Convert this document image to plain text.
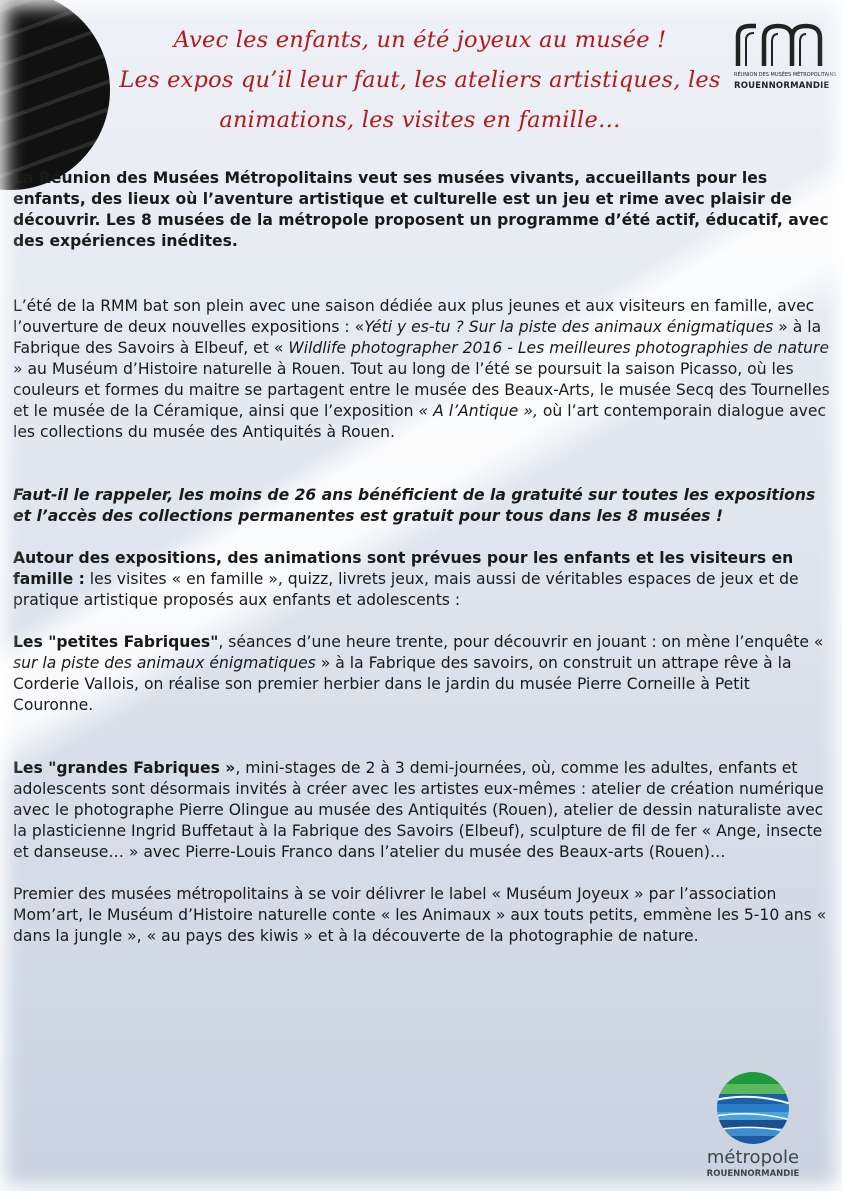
Avec les enfants, un été joyeux au musée !
Les expos qu’il leur faut, les ateliers artistiques, les
animations, les visites en famille…
RÉUNION DES MUSÉES MÉTROPOLITAINS
ROUENNORMANDIE

La Réunion des Musées Métropolitains veut ses musées vivants, accueillants pour les enfants, des lieux où l’aventure artistique et culturelle est un jeu et rime avec plaisir de découvrir. Les 8 musées de la métropole proposent un programme d’été actif, éducatif, avec des expériences inédites.

L’été de la RMM bat son plein avec une saison dédiée aux plus jeunes et aux visiteurs en famille, avec l’ouverture de deux nouvelles expositions : «Yéti y es-tu ? Sur la piste des animaux énigmatiques » à la Fabrique des Savoirs à Elbeuf, et « Wildlife photographer 2016 - Les meilleures photographies de nature » au Muséum d’Histoire naturelle à Rouen. Tout au long de l’été se poursuit la saison Picasso, où les couleurs et formes du maitre se partagent entre le musée des Beaux-Arts, le musée Secq des Tournelles et le musée de la Céramique, ainsi que l’exposition « A l’Antique », où l’art contemporain dialogue avec les collections du musée des Antiquités à Rouen.

Faut-il le rappeler, les moins de 26 ans bénéficient de la gratuité sur toutes les expositions et l’accès des collections permanentes est gratuit pour tous dans les 8 musées !

Autour des expositions, des animations sont prévues pour les enfants et les visiteurs en famille : les visites « en famille », quizz, livrets jeux, mais aussi de véritables espaces de jeux et de pratique artistique proposés aux enfants et adolescents :

Les "petites Fabriques", séances d’une heure trente, pour découvrir en jouant : on mène l’enquête « sur la piste des animaux énigmatiques » à la Fabrique des savoirs, on construit un attrape rêve à la Corderie Vallois, on réalise son premier herbier dans le jardin du musée Pierre Corneille à Petit Couronne.

Les "grandes Fabriques », mini-stages de 2 à 3 demi-journées, où, comme les adultes, enfants et adolescents sont désormais invités à créer avec les artistes eux-mêmes : atelier de création numérique avec le photographe Pierre Olingue au musée des Antiquités (Rouen), atelier de dessin naturaliste avec la plasticienne Ingrid Buffetaut à la Fabrique des Savoirs (Elbeuf), sculpture de fil de fer « Ange, insecte et danseuse… » avec Pierre-Louis Franco dans l’atelier du musée des Beaux-arts (Rouen)…

Premier des musées métropolitains à se voir délivrer le label « Muséum Joyeux » par l’association Mom’art, le Muséum d’Histoire naturelle conte « les Animaux » aux touts petits, emmène les 5-10 ans « dans la jungle », « au pays des kiwis » et à la découverte de la photographie de nature.

métropole
ROUENNORMANDIE
